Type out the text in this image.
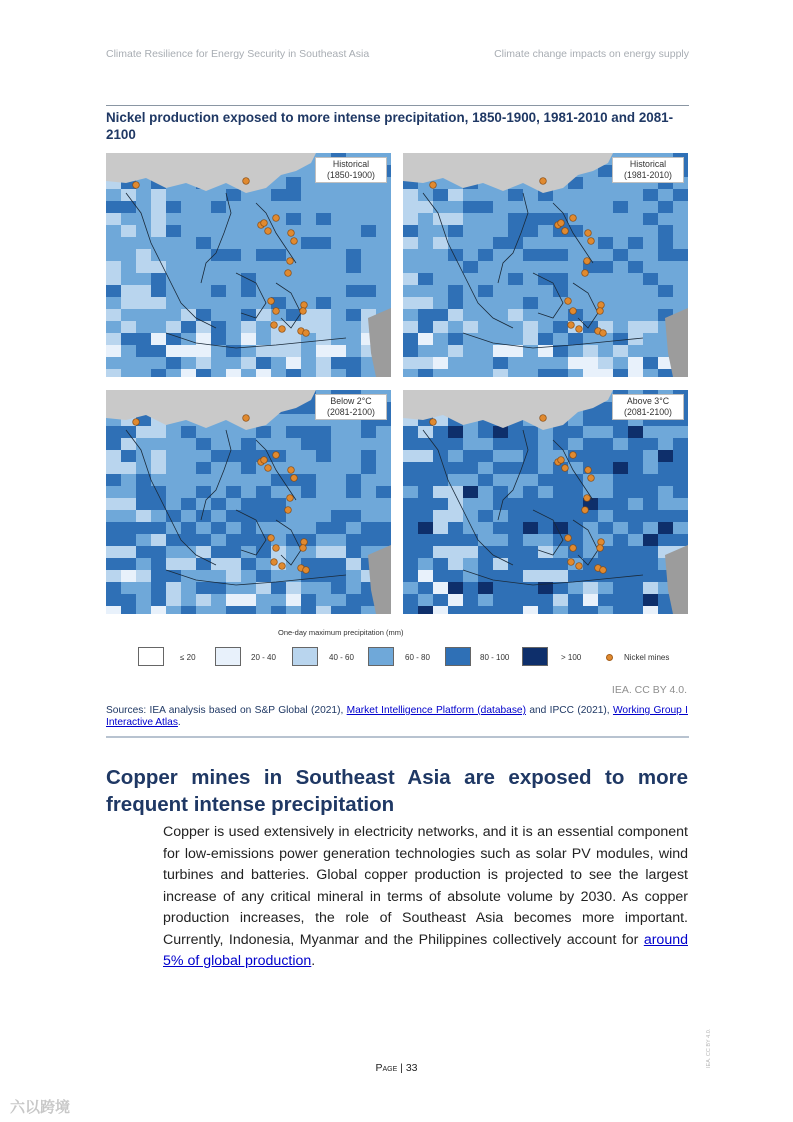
Climate Resilience for Energy Security in Southeast Asia	Climate change impacts on energy supply
Nickel production exposed to more intense precipitation, 1850-1900, 1981-2010 and 2081-2100
Historical
(1850-1900)
Historical
(1981-2010)
Below 2°C
(2081-2100)
Above 3°C
(2081-2100)
One-day maximum precipitation (mm)
≤ 20	20 - 40	40 - 60	60 - 80	80 - 100	> 100	Nickel mines
IEA. CC BY 4.0.
Sources: IEA analysis based on S&P Global (2021), Market Intelligence Platform (database) and IPCC (2021), Working Group I Interactive Atlas.
Copper mines in Southeast Asia are exposed to more frequent intense precipitation
Copper is used extensively in electricity networks, and it is an essential component for low-emissions power generation technologies such as solar PV modules, wind turbines and batteries. Global copper production is projected to see the largest increase of any critical mineral in terms of absolute volume by 2030. As copper production increases, the role of Southeast Asia becomes more important. Currently, Indonesia, Myanmar and the Philippines collectively account for around 5% of global production.
Page | 33	IEA. CC BY 4.0.
六以跨境
